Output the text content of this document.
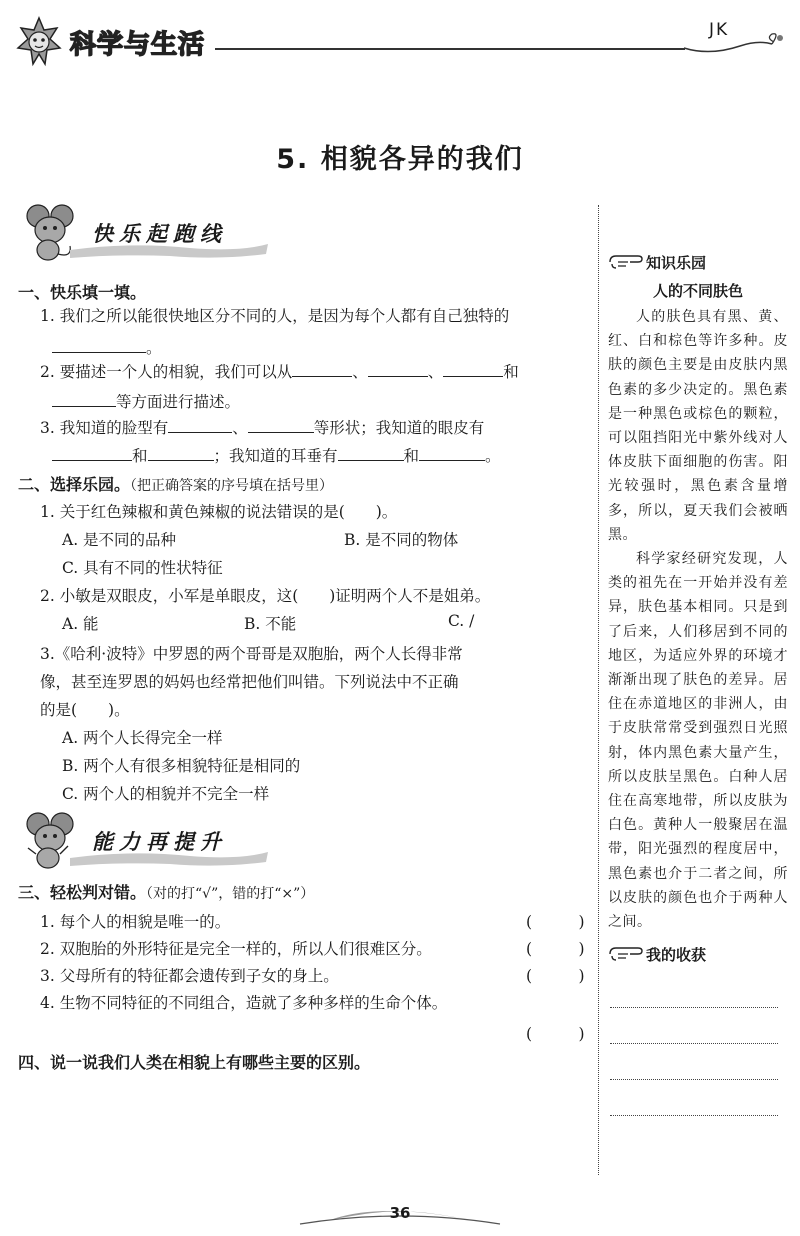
科学与生活	JK
5. 相貌各异的我们
快乐起跑线
一、快乐填一填。
1. 我们之所以能很快地区分不同的人，是因为每个人都有自己独特的
。
2. 要描述一个人的相貌，我们可以从	、	、	和
等方面进行描述。
3. 我知道的脸型有	、	等形状；我知道的眼皮有
和	；我知道的耳垂有	和	。
二、选择乐园。（把正确答案的序号填在括号里）
1. 关于红色辣椒和黄色辣椒的说法错误的是(　　)。
A. 是不同的品种	B. 是不同的物体
C. 具有不同的性状特征
2. 小敏是双眼皮，小军是单眼皮，这(　　)证明两个人不是姐弟。
A. 能	B. 不能	C. /
3.《哈利·波特》中罗恩的两个哥哥是双胞胎，两个人长得非常
像，甚至连罗恩的妈妈也经常把他们叫错。下列说法中不正确
的是(　　)。
A. 两个人长得完全一样
B. 两个人有很多相貌特征是相同的
C. 两个人的相貌并不完全一样
能力再提升
三、轻松判对错。（对的打“√”，错的打“×”）
1. 每个人的相貌是唯一的。	(　　　)
2. 双胞胎的外形特征是完全一样的，所以人们很难区分。	(　　　)
3. 父母所有的特征都会遗传到子女的身上。	(　　　)
4. 生物不同特征的不同组合，造就了多种多样的生命个体。
(　　　)
四、说一说我们人类在相貌上有哪些主要的区别。
知识乐园
人的不同肤色

人的肤色具有黑、黄、红、白和棕色等许多种。皮肤的颜色主要是由皮肤内黑色素的多少决定的。黑色素是一种黑色或棕色的颗粒，可以阻挡阳光中紫外线对人体皮肤下面细胞的伤害。阳光较强时，黑色素含量增多，所以，夏天我们会被晒黑。

科学家经研究发现，人类的祖先在一开始并没有差异，肤色基本相同。只是到了后来，人们移居到不同的地区，为适应外界的环境才渐渐出现了肤色的差异。居住在赤道地区的非洲人，由于皮肤常常受到强烈日光照射，体内黑色素大量产生，所以皮肤呈黑色。白种人居住在高寒地带，所以皮肤为白色。黄种人一般聚居在温带，阳光强烈的程度居中，黑色素也介于二者之间，所以皮肤的颜色也介于两种人之间。

我的收获
36
